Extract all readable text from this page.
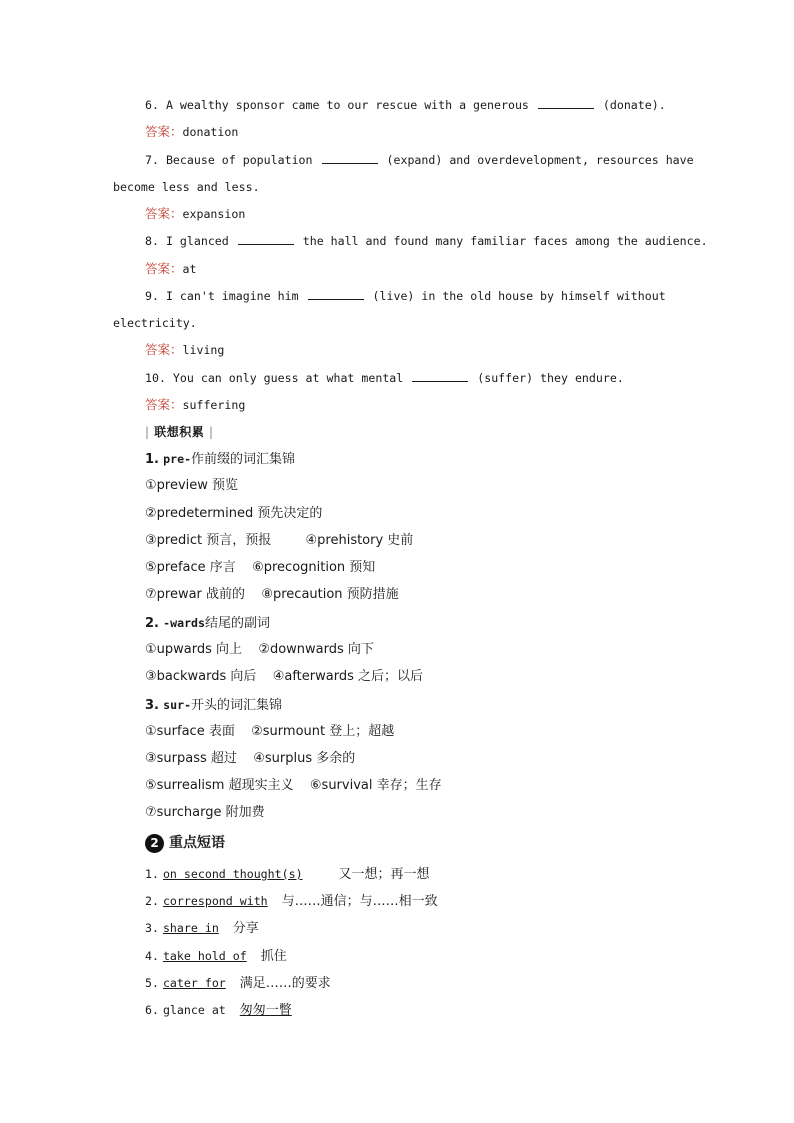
6. A wealthy sponsor came to our rescue with a generous	(donate).
答案：donation
7. Because of population	(expand) and overdevelopment, resources have
become less and less.
答案：expansion
8. I glanced	the hall and found many familiar faces among the audience.
答案：at
9. I can't imagine him	(live) in the old house by himself without
electricity.
答案：living
10. You can only guess at what mental	(suffer) they endure.
答案：suffering
| 联想积累 |
1. pre-作前缀的词汇集锦
①preview 预览
②predetermined 预先决定的
③predict 预言，预报	④prehistory 史前
⑤preface 序言 ⑥precognition 预知
⑦prewar 战前的 ⑧precaution 预防措施
2. -wards结尾的副词
①upwards 向上 ②downwards 向下
③backwards 向后 ④afterwards 之后；以后
3. sur-开头的词汇集锦
①surface 表面 ②surmount 登上；超越
③surpass 超过 ④surplus 多余的
⑤surrealism 超现实主义 ⑥survival 幸存；生存
⑦surcharge 附加费
2 重点短语
1. on second thought(s)	又一想；再一想
2. correspond with 与……通信；与……相一致
3. share in 分享
4. take hold of 抓住
5. cater for 满足……的要求
6. glance at 匆匆一瞥
